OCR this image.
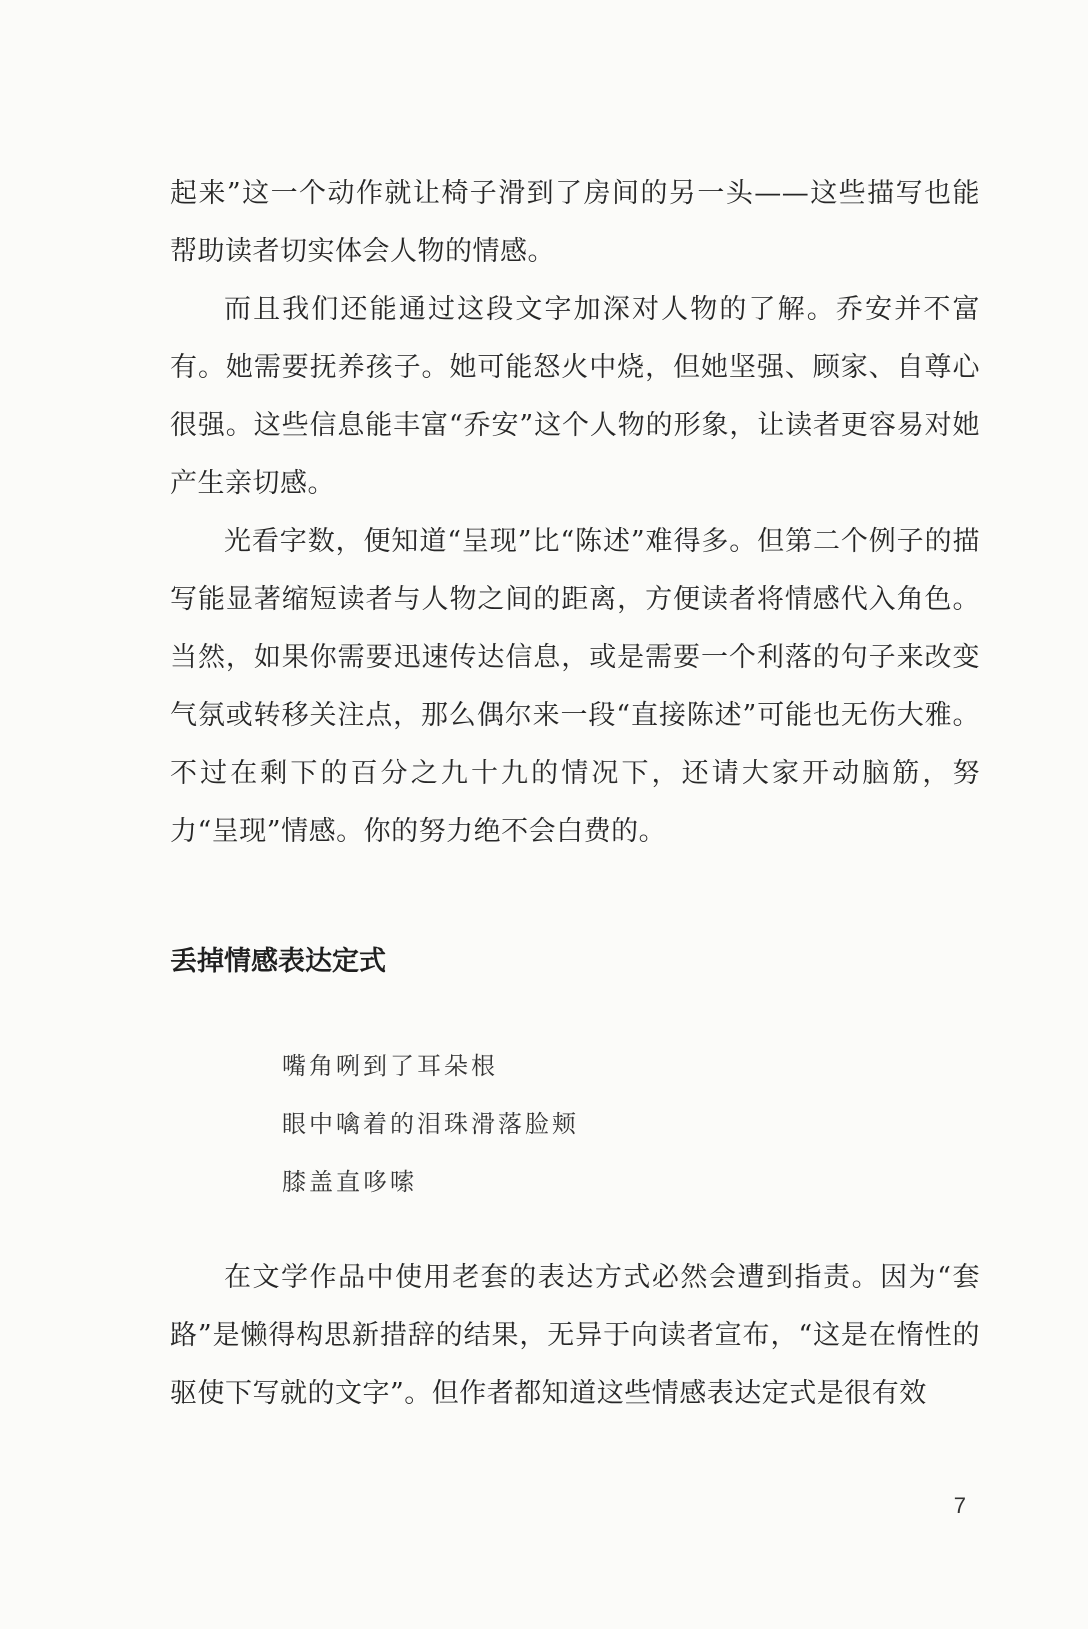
起来”这一个动作就让椅子滑到了房间的另一头——这些描写也能帮助读者切实体会人物的情感。

而且我们还能通过这段文字加深对人物的了解。乔安并不富有。她需要抚养孩子。她可能怒火中烧，但她坚强、顾家、自尊心很强。这些信息能丰富“乔安”这个人物的形象，让读者更容易对她产生亲切感。

光看字数，便知道“呈现”比“陈述”难得多。但第二个例子的描写能显著缩短读者与人物之间的距离，方便读者将情感代入角色。当然，如果你需要迅速传达信息，或是需要一个利落的句子来改变气氛或转移关注点，那么偶尔来一段“直接陈述”可能也无伤大雅。不过在剩下的百分之九十九的情况下，还请大家开动脑筋，努力“呈现”情感。你的努力绝不会白费的。

丢掉情感表达定式
嘴角咧到了耳朵根
眼中噙着的泪珠滑落脸颊
膝盖直哆嗦

在文学作品中使用老套的表达方式必然会遭到指责。因为“套路”是懒得构思新措辞的结果，无异于向读者宣布，“这是在惰性的驱使下写就的文字”。但作者都知道这些情感表达定式是很有效

7
